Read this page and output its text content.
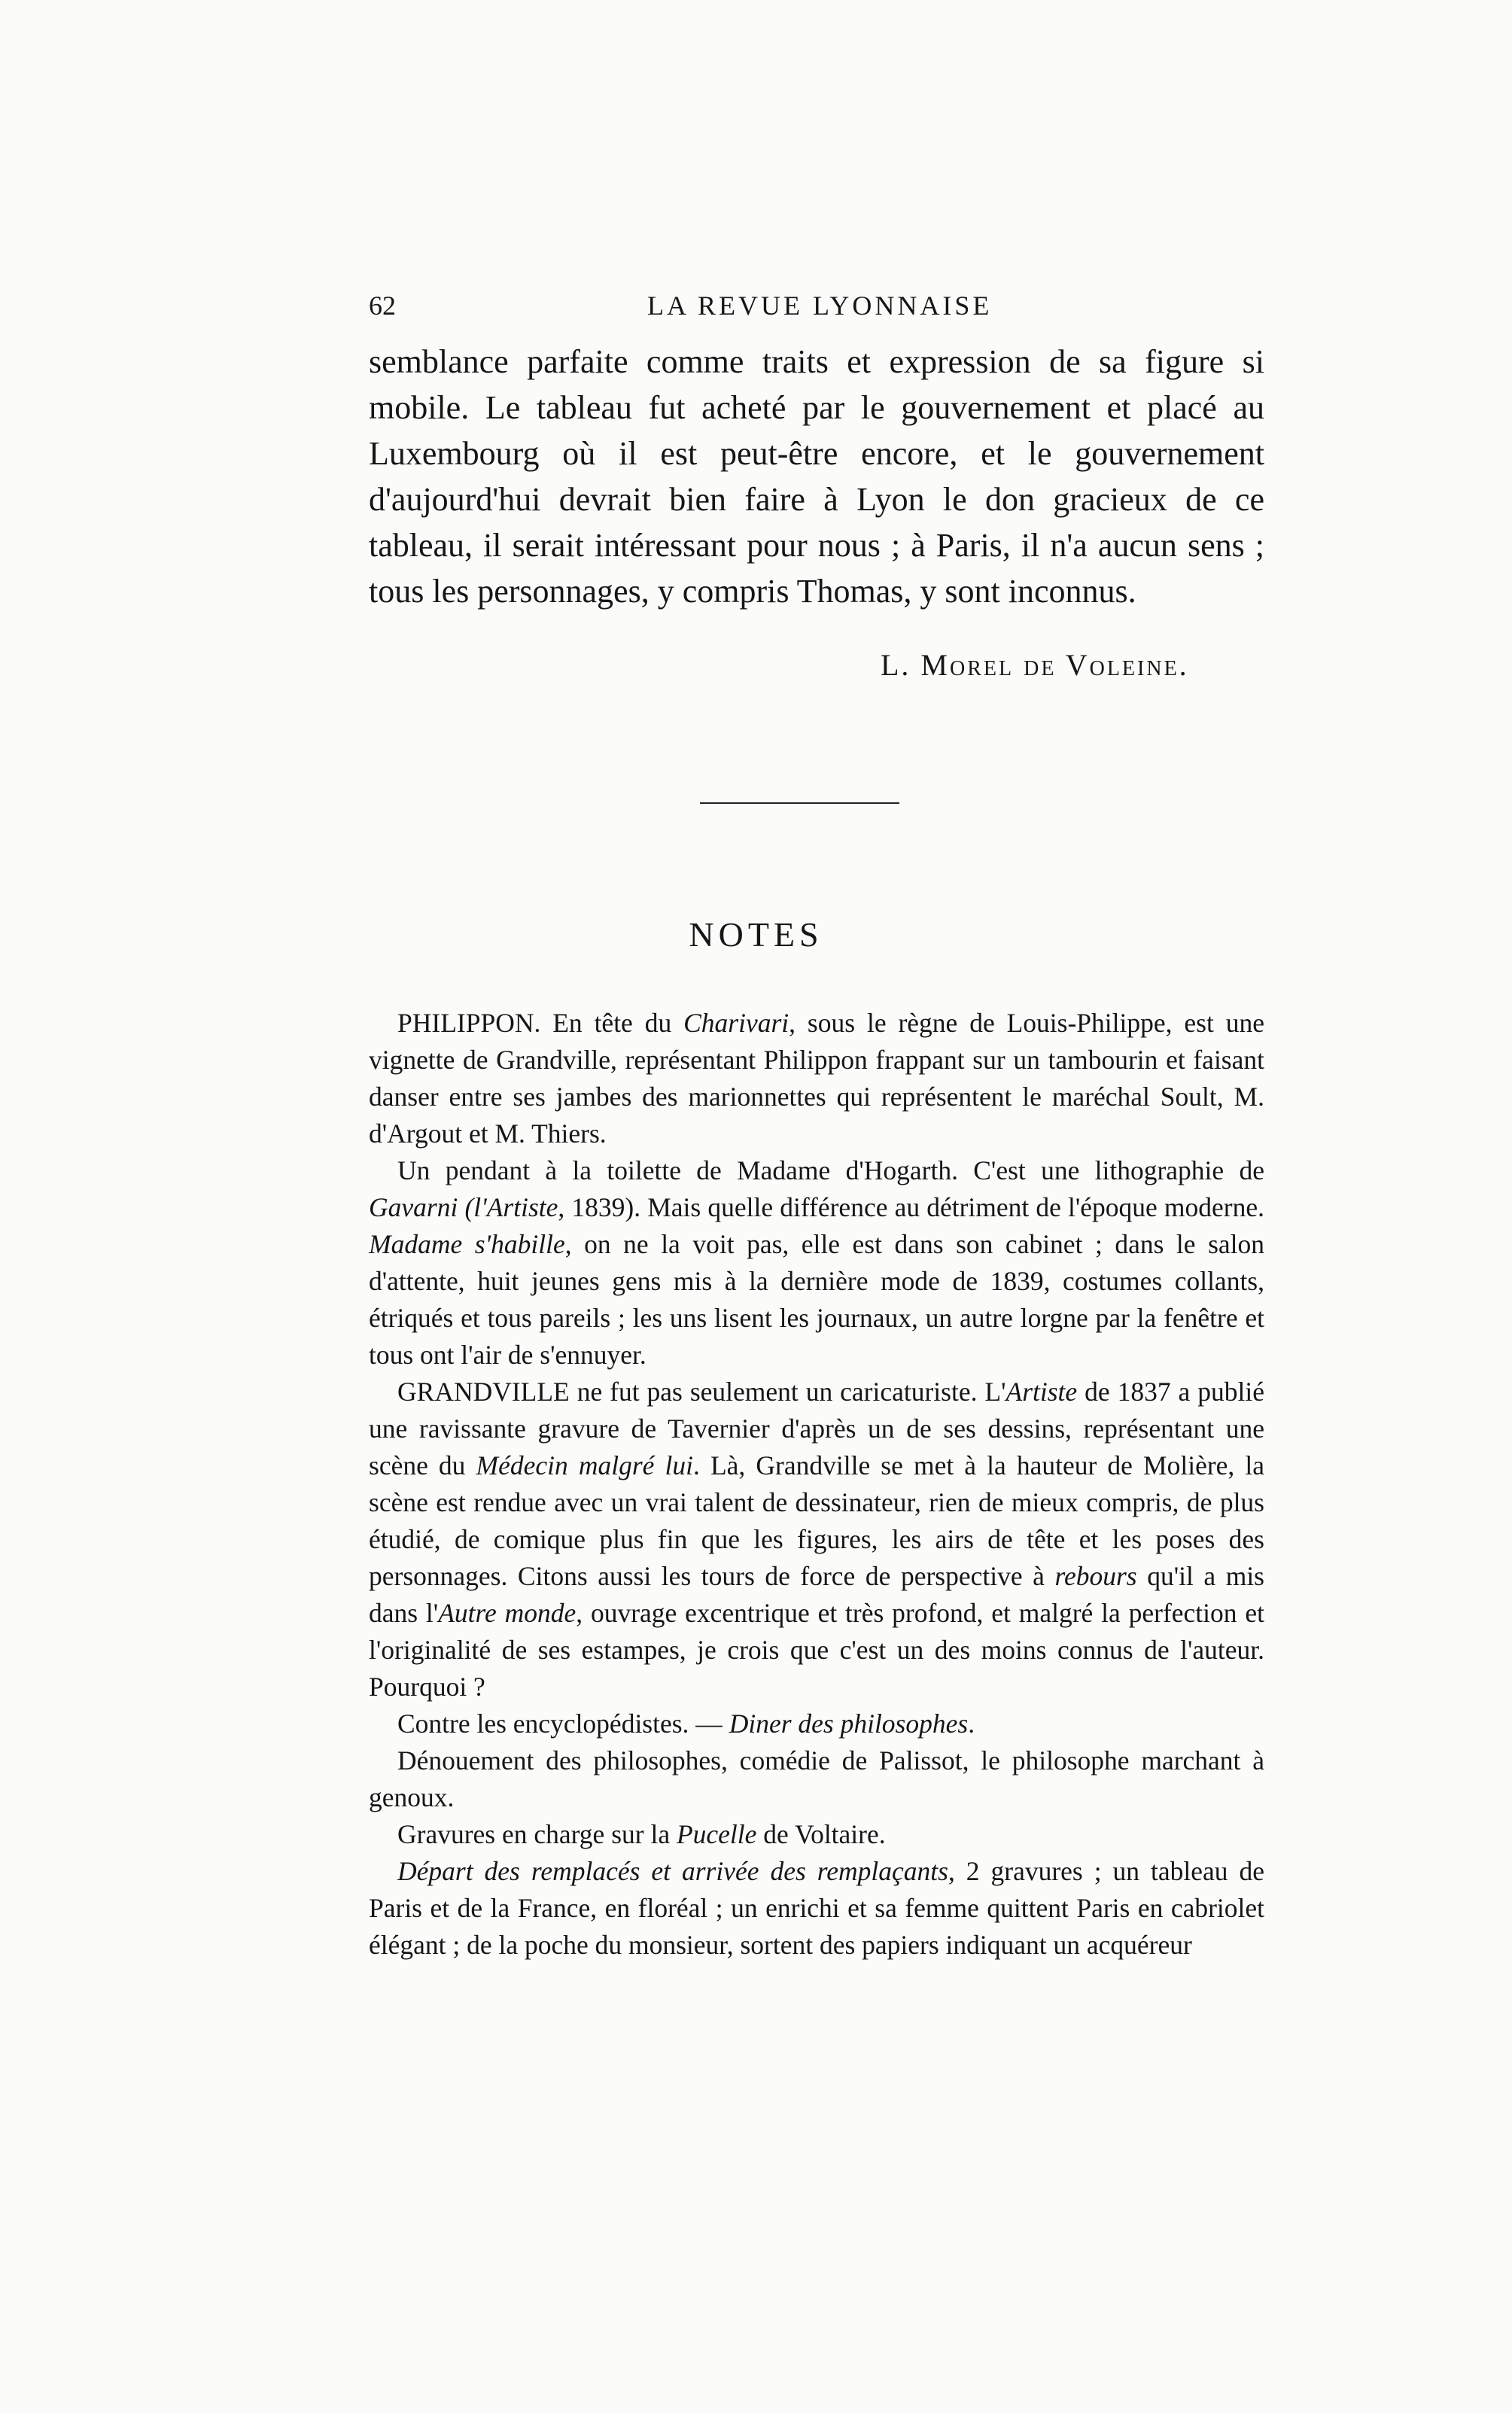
62	LA REVUE LYONNAISE

semblance parfaite comme traits et expression de sa figure si mobile. Le tableau fut acheté par le gouvernement et placé au Luxembourg où il est peut-être encore, et le gouvernement d'aujourd'hui devrait bien faire à Lyon le don gracieux de ce tableau, il serait intéressant pour nous ; à Paris, il n'a aucun sens ; tous les personnages, y compris Thomas, y sont inconnus.

L. Morel de Voleine.
NOTES

PHILIPPON. En tête du Charivari, sous le règne de Louis-Philippe, est une vignette de Grandville, représentant Philippon frappant sur un tambourin et faisant danser entre ses jambes des marionnettes qui représentent le maréchal Soult, M. d'Argout et M. Thiers.

Un pendant à la toilette de Madame d'Hogarth. C'est une lithographie de Gavarni (l'Artiste, 1839). Mais quelle différence au détriment de l'époque moderne. Madame s'habille, on ne la voit pas, elle est dans son cabinet ; dans le salon d'attente, huit jeunes gens mis à la dernière mode de 1839, costumes collants, étriqués et tous pareils ; les uns lisent les journaux, un autre lorgne par la fenêtre et tous ont l'air de s'ennuyer.

GRANDVILLE ne fut pas seulement un caricaturiste. L'Artiste de 1837 a publié une ravissante gravure de Tavernier d'après un de ses dessins, représentant une scène du Médecin malgré lui. Là, Grandville se met à la hauteur de Molière, la scène est rendue avec un vrai talent de dessinateur, rien de mieux compris, de plus étudié, de comique plus fin que les figures, les airs de tête et les poses des personnages. Citons aussi les tours de force de perspective à rebours qu'il a mis dans l'Autre monde, ouvrage excentrique et très profond, et malgré la perfection et l'originalité de ses estampes, je crois que c'est un des moins connus de l'auteur. Pourquoi ?

Contre les encyclopédistes. — Diner des philosophes.

Dénouement des philosophes, comédie de Palissot, le philosophe marchant à genoux.

Gravures en charge sur la Pucelle de Voltaire.

Départ des remplacés et arrivée des remplaçants, 2 gravures ; un tableau de Paris et de la France, en floréal ; un enrichi et sa femme quittent Paris en cabriolet élégant ; de la poche du monsieur, sortent des papiers indiquant un acquéreur
